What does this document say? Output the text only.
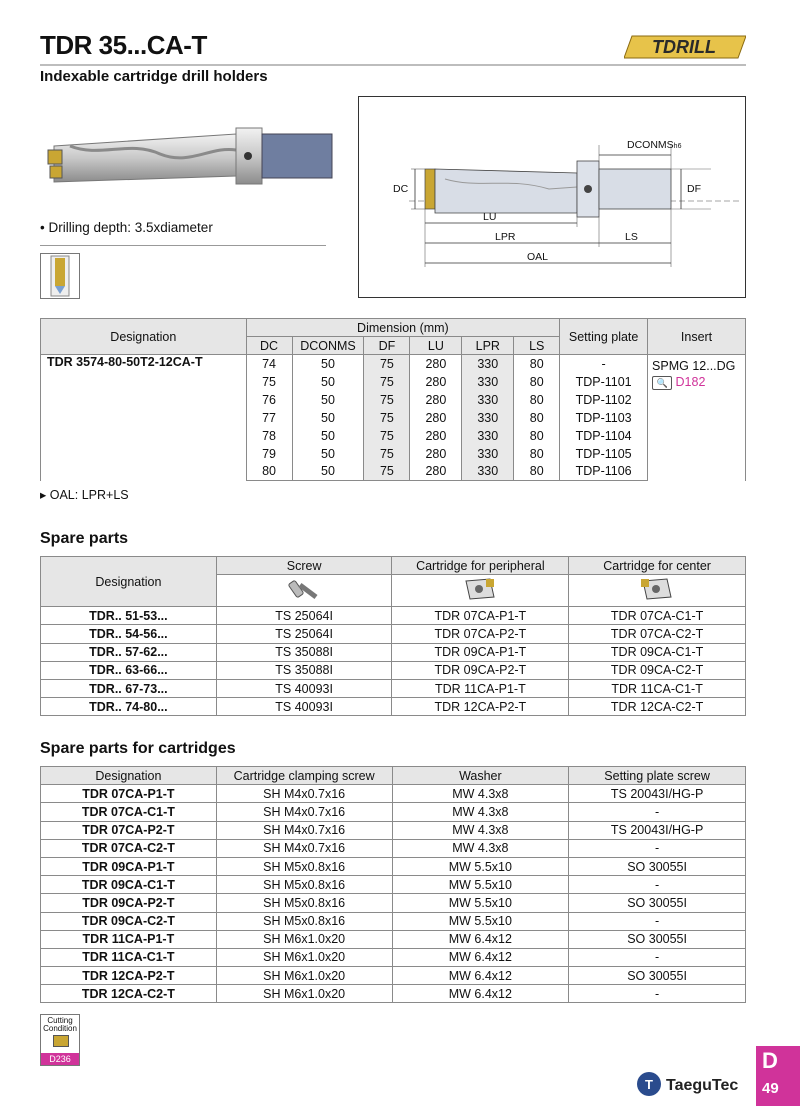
TDR 35...CA-T
Indexable cartridge drill holders
TDRILL
• Drilling depth: 3.5xdiameter
DCONMSh6
DC	DF
LU
LPR	LS
OAL
Designation	Dimension (mm)						Setting plate	Insert
	DC	DCONMS	DF	LU	LPR	LS		
TDR 3574-80-50T2-12CA-T	74	50	75	280	330	80	-	SPMG 12...DG
🔍 D182

	75	50	75	280	330	80	TDP-1101	
	76	50	75	280	330	80	TDP-1102	
	77	50	75	280	330	80	TDP-1103	
	78	50	75	280	330	80	TDP-1104	
	79	50	75	280	330	80	TDP-1105	
	80	50	75	280	330	80	TDP-1106	
▸ OAL: LPR+LS
Spare parts
Designation	Screw	Cartridge for peripheral	Cartridge for center

TDR.. 51-53...	TS 25064I	TDR 07CA-P1-T	TDR 07CA-C1-T
TDR.. 54-56...	TS 25064I	TDR 07CA-P2-T	TDR 07CA-C2-T
TDR.. 57-62...	TS 35088I	TDR 09CA-P1-T	TDR 09CA-C1-T
TDR.. 63-66...	TS 35088I	TDR 09CA-P2-T	TDR 09CA-C2-T
TDR.. 67-73...	TS 40093I	TDR 11CA-P1-T	TDR 11CA-C1-T
TDR.. 74-80...	TS 40093I	TDR 12CA-P2-T	TDR 12CA-C2-T
Spare parts for cartridges
Designation	Cartridge clamping screw	Washer	Setting plate screw
TDR 07CA-P1-T	SH M4x0.7x16	MW 4.3x8	TS 20043I/HG-P
TDR 07CA-C1-T	SH M4x0.7x16	MW 4.3x8	-
TDR 07CA-P2-T	SH M4x0.7x16	MW 4.3x8	TS 20043I/HG-P
TDR 07CA-C2-T	SH M4x0.7x16	MW 4.3x8	-
TDR 09CA-P1-T	SH M5x0.8x16	MW 5.5x10	SO 30055I
TDR 09CA-C1-T	SH M5x0.8x16	MW 5.5x10	-
TDR 09CA-P2-T	SH M5x0.8x16	MW 5.5x10	SO 30055I
TDR 09CA-C2-T	SH M5x0.8x16	MW 5.5x10	-
TDR 11CA-P1-T	SH M6x1.0x20	MW 6.4x12	SO 30055I
TDR 11CA-C1-T	SH M6x1.0x20	MW 6.4x12	-
TDR 12CA-P2-T	SH M6x1.0x20	MW 6.4x12	SO 30055I
TDR 12CA-C2-T	SH M6x1.0x20	MW 6.4x12	-
Cutting Condition
D236
T TaeguTec
D
49
